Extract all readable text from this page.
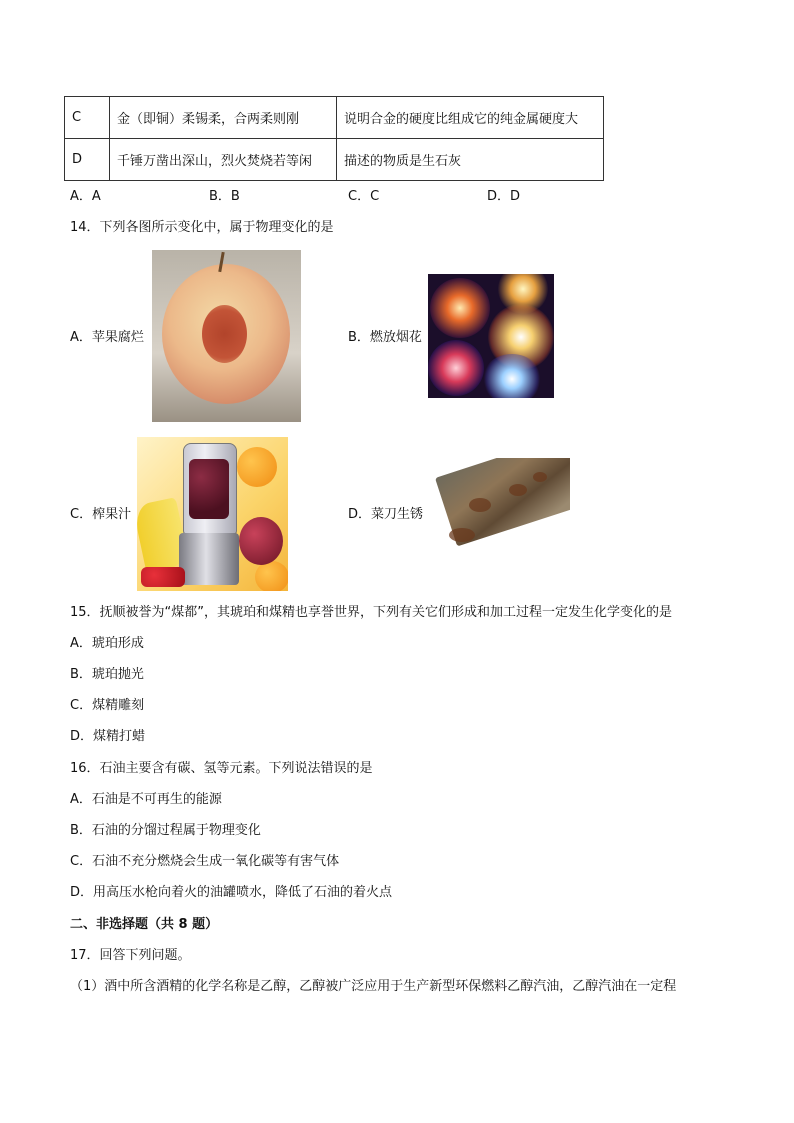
C	金（即铜）柔锡柔，合两柔则刚	说明合金的硬度比组成它的纯金属硬度大
D	千锤万凿出深山，烈火焚烧若等闲	描述的物质是生石灰
A．A	B．B	C．C	D．D
14．下列各图所示变化中，属于物理变化的是
A．苹果腐烂	B．燃放烟花
C．榨果汁	D．菜刀生锈
15．抚顺被誉为“煤都”，其琥珀和煤精也享誉世界，下列有关它们形成和加工过程一定发生化学变化的是
A．琥珀形成
B．琥珀抛光
C．煤精雕刻
D．煤精打蜡
16．石油主要含有碳、氢等元素。下列说法错误的是
A．石油是不可再生的能源
B．石油的分馏过程属于物理变化
C．石油不充分燃烧会生成一氧化碳等有害气体
D．用高压水枪向着火的油罐喷水，降低了石油的着火点
二、非选择题（共 8 题）
17．回答下列问题。
（1）酒中所含酒精的化学名称是乙醇，乙醇被广泛应用于生产新型环保燃料乙醇汽油，乙醇汽油在一定程
